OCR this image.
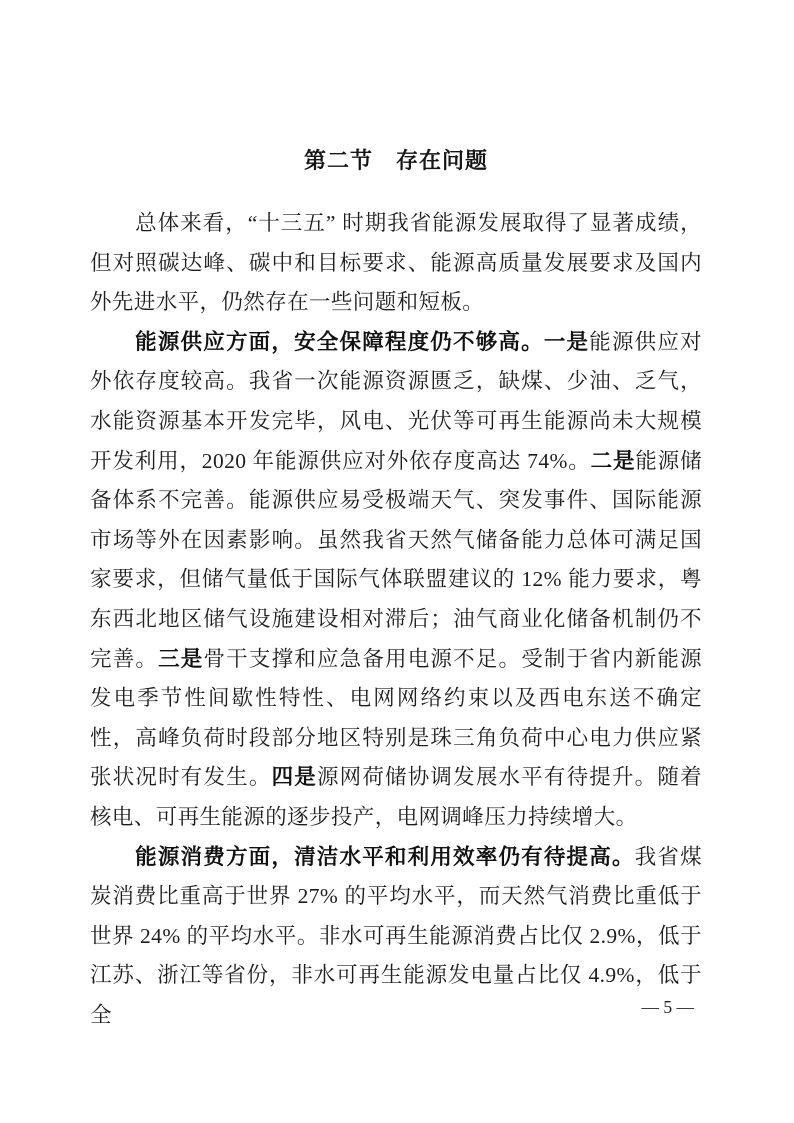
第二节　存在问题

总体来看，“十三五” 时期我省能源发展取得了显著成绩，但对照碳达峰、碳中和目标要求、能源高质量发展要求及国内外先进水平，仍然存在一些问题和短板。

能源供应方面，安全保障程度仍不够高。一是能源供应对外依存度较高。我省一次能源资源匮乏，缺煤、少油、乏气，水能资源基本开发完毕，风电、光伏等可再生能源尚未大规模开发利用，2020 年能源供应对外依存度高达 74%。二是能源储备体系不完善。能源供应易受极端天气、突发事件、国际能源市场等外在因素影响。虽然我省天然气储备能力总体可满足国家要求，但储气量低于国际气体联盟建议的 12% 能力要求，粤东西北地区储气设施建设相对滞后；油气商业化储备机制仍不完善。三是骨干支撑和应急备用电源不足。受制于省内新能源发电季节性间歇性特性、电网网络约束以及西电东送不确定性，高峰负荷时段部分地区特别是珠三角负荷中心电力供应紧张状况时有发生。四是源网荷储协调发展水平有待提升。随着核电、可再生能源的逐步投产，电网调峰压力持续增大。

能源消费方面，清洁水平和利用效率仍有待提高。我省煤炭消费比重高于世界 27% 的平均水平，而天然气消费比重低于世界 24% 的平均水平。非水可再生能源消费占比仅 2.9%，低于江苏、浙江等省份，非水可再生能源发电量占比仅 4.9%，低于全	— 5 —
